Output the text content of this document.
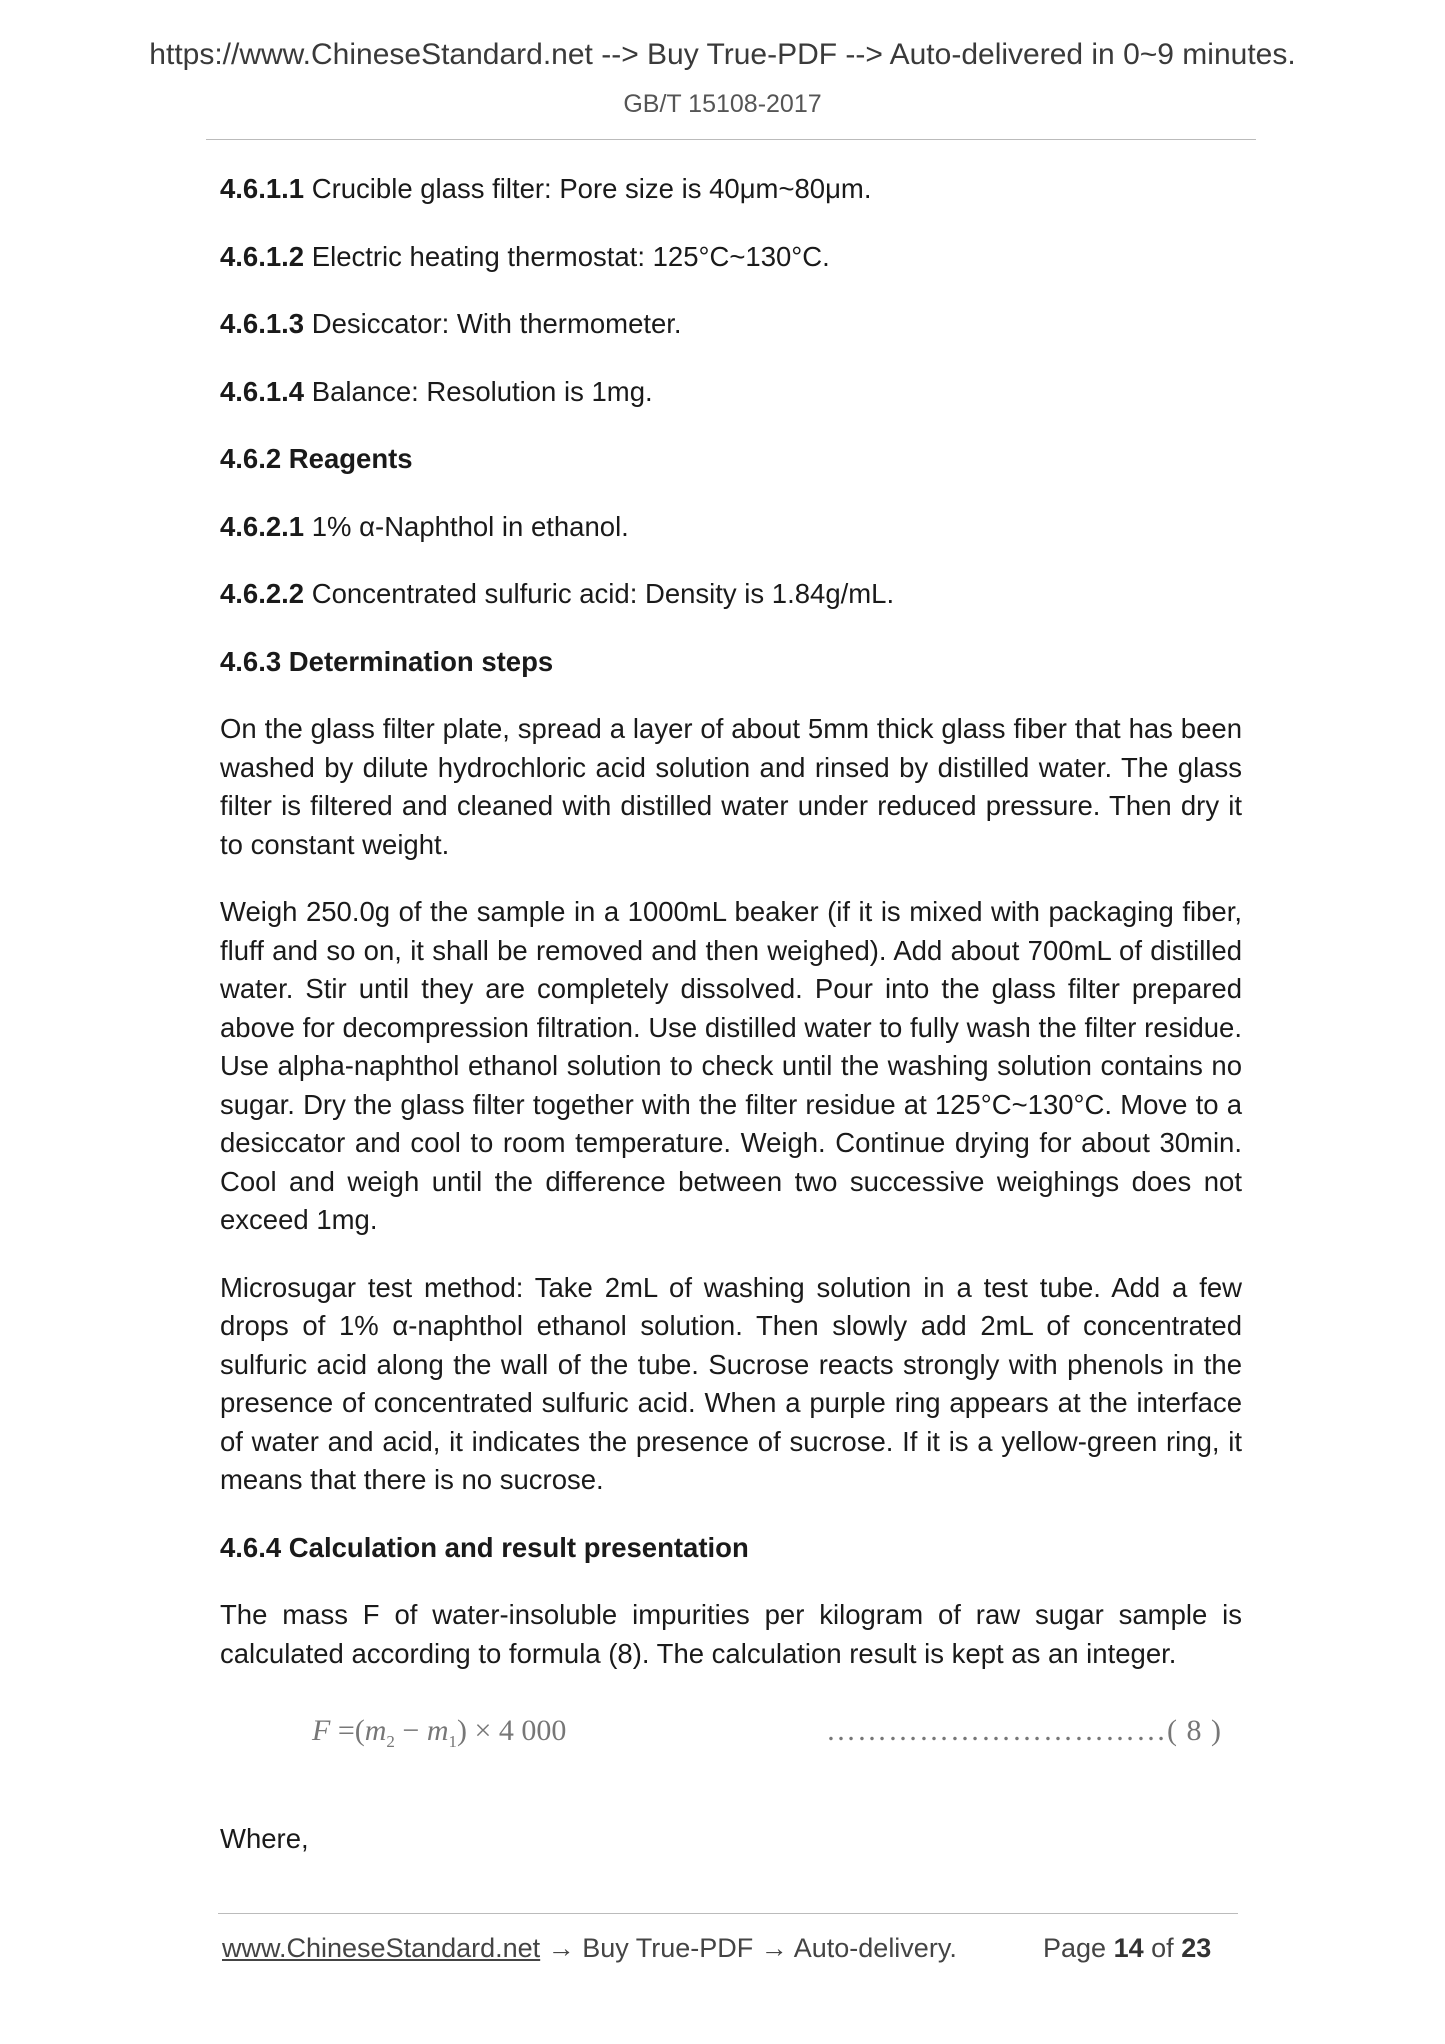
https://www.ChineseStandard.net --> Buy True-PDF --> Auto-delivered in 0~9 minutes.
GB/T 15108-2017

4.6.1.1 Crucible glass filter: Pore size is 40μm~80μm.

4.6.1.2 Electric heating thermostat: 125°C~130°C.

4.6.1.3 Desiccator: With thermometer.

4.6.1.4 Balance: Resolution is 1mg.

4.6.2 Reagents

4.6.2.1 1% α-Naphthol in ethanol.

4.6.2.2 Concentrated sulfuric acid: Density is 1.84g/mL.

4.6.3 Determination steps

On the glass filter plate, spread a layer of about 5mm thick glass fiber that has been washed by dilute hydrochloric acid solution and rinsed by distilled water. The glass filter is filtered and cleaned with distilled water under reduced pressure. Then dry it to constant weight.

Weigh 250.0g of the sample in a 1000mL beaker (if it is mixed with packaging fiber, fluff and so on, it shall be removed and then weighed). Add about 700mL of distilled water. Stir until they are completely dissolved. Pour into the glass filter prepared above for decompression filtration. Use distilled water to fully wash the filter residue. Use alpha-naphthol ethanol solution to check until the washing solution contains no sugar. Dry the glass filter together with the filter residue at 125°C~130°C. Move to a desiccator and cool to room temperature. Weigh. Continue drying for about 30min. Cool and weigh until the difference between two successive weighings does not exceed 1mg.

Microsugar test method: Take 2mL of washing solution in a test tube. Add a few drops of 1% α-naphthol ethanol solution. Then slowly add 2mL of concentrated sulfuric acid along the wall of the tube. Sucrose reacts strongly with phenols in the presence of concentrated sulfuric acid. When a purple ring appears at the interface of water and acid, it indicates the presence of sucrose. If it is a yellow-green ring, it means that there is no sucrose.

4.6.4 Calculation and result presentation

The mass F of water-insoluble impurities per kilogram of raw sugar sample is calculated according to formula (8). The calculation result is kept as an integer.

$F =(m_2 - m_1) \times 4$ 000	……………………………( 8 )

Where,

www.ChineseStandard.net → Buy True-PDF → Auto-delivery.	Page 14 of 23
